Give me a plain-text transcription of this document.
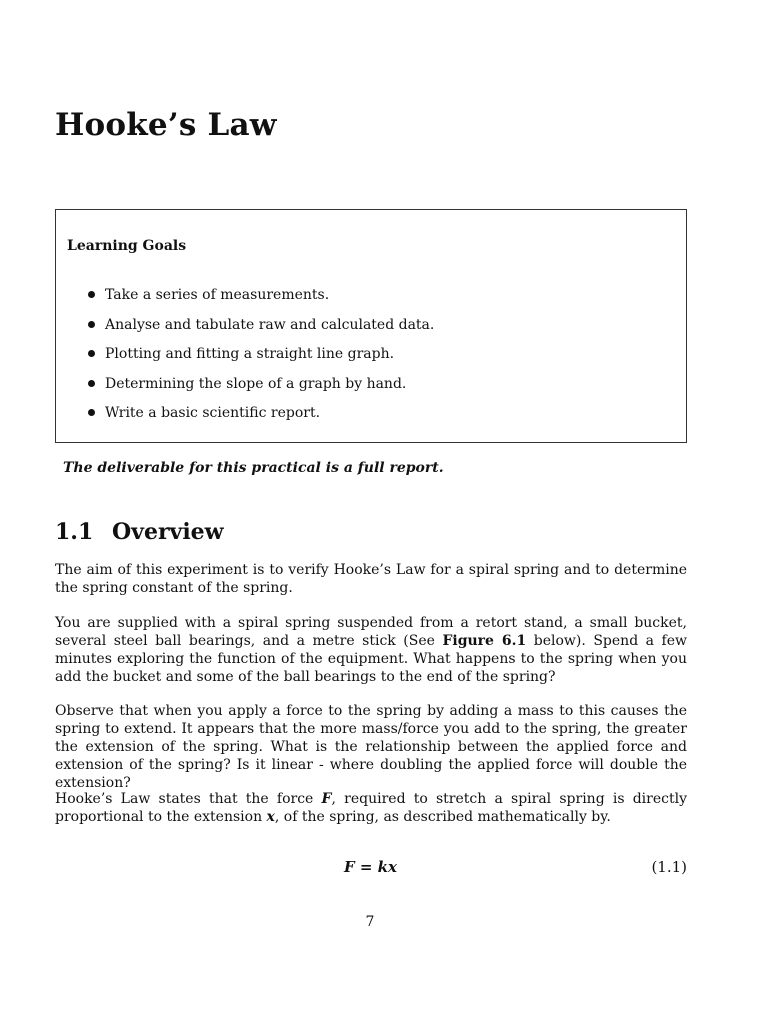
Hooke’s Law

Learning Goals

Take a series of measurements.
Analyse and tabulate raw and calculated data.
Plotting and fitting a straight line graph.
Determining the slope of a graph by hand.
Write a basic scientific report.

The deliverable for this practical is a full report.

1.1 Overview

The aim of this experiment is to verify Hooke’s Law for a spiral spring and to determine the spring constant of the spring.

You are supplied with a spiral spring suspended from a retort stand, a small bucket, several steel ball bearings, and a metre stick (See Figure 6.1 below). Spend a few minutes exploring the function of the equipment. What happens to the spring when you add the bucket and some of the ball bearings to the end of the spring?

Observe that when you apply a force to the spring by adding a mass to this causes the spring to extend. It appears that the more mass/force you add to the spring, the greater the extension of the spring. What is the relationship between the applied force and extension of the spring? Is it linear - where doubling the applied force will double the extension?

Hooke’s Law states that the force F, required to stretch a spiral spring is directly proportional to the extension x, of the spring, as described mathematically by.

F = kx	(1.1)
7
